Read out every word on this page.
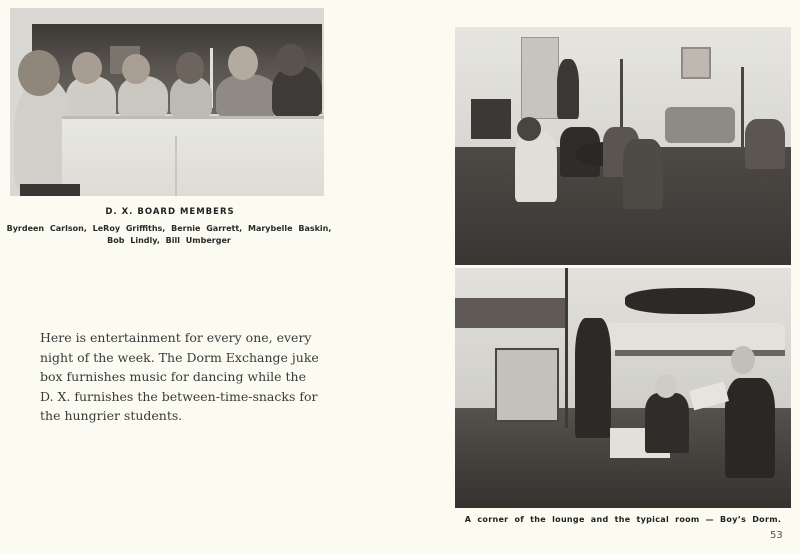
D. X. BOARD MEMBERS
Byrdeen Carlson, LeRoy Griffiths, Bernie Garrett, Marybelle Baskin,
Bob Lindly, Bill Umberger
Here is entertainment for every one, every
night of the week. The Dorm Exchange juke
box furnishes music for dancing while the
D. X. furnishes the between-time-snacks for
the hungrier students.
A corner of the lounge and the typical room — Boy’s Dorm.
53
